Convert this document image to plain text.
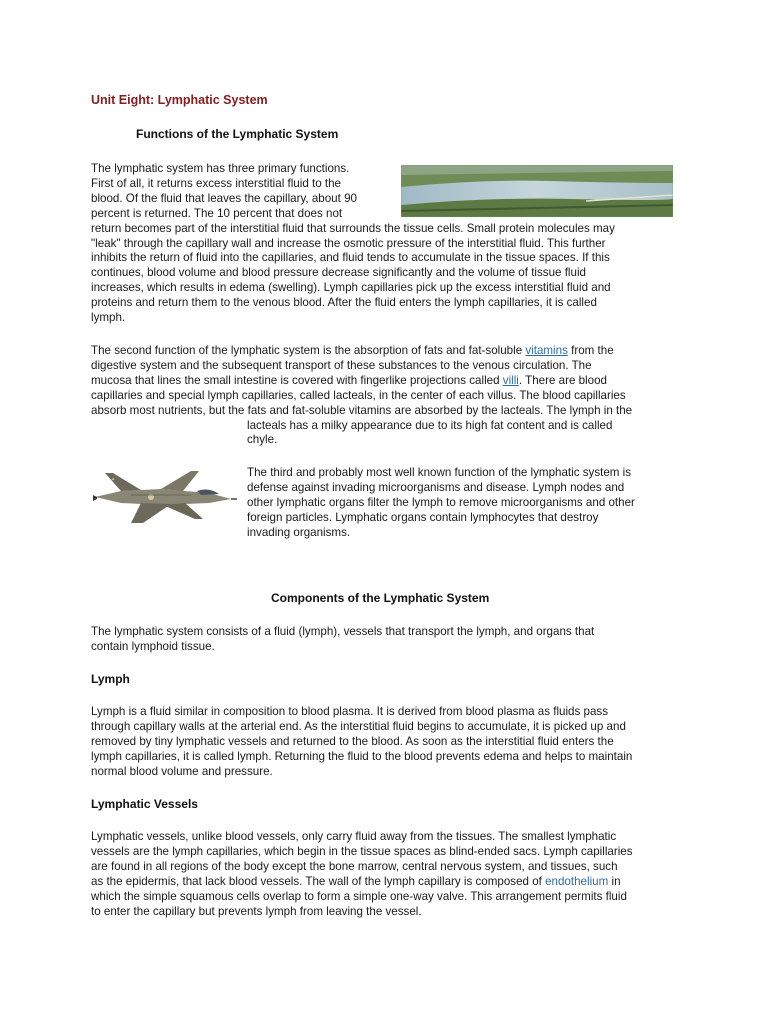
Unit Eight: Lymphatic System
Functions of the Lymphatic System
The lymphatic system has three primary functions.
First of all, it returns excess interstitial fluid to the
blood. Of the fluid that leaves the capillary, about 90
percent is returned. The 10 percent that does not
return becomes part of the interstitial fluid that surrounds the tissue cells. Small protein molecules may
"leak" through the capillary wall and increase the osmotic pressure of the interstitial fluid. This further
inhibits the return of fluid into the capillaries, and fluid tends to accumulate in the tissue spaces. If this
continues, blood volume and blood pressure decrease significantly and the volume of tissue fluid
increases, which results in edema (swelling). Lymph capillaries pick up the excess interstitial fluid and
proteins and return them to the venous blood. After the fluid enters the lymph capillaries, it is called
lymph.
The second function of the lymphatic system is the absorption of fats and fat-soluble vitamins from the
digestive system and the subsequent transport of these substances to the venous circulation. The
mucosa that lines the small intestine is covered with fingerlike projections called villi. There are blood
capillaries and special lymph capillaries, called lacteals, in the center of each villus. The blood capillaries
absorb most nutrients, but the fats and fat-soluble vitamins are absorbed by the lacteals. The lymph in the
lacteals has a milky appearance due to its high fat content and is called
chyle.
✦
The third and probably most well known function of the lymphatic system is
defense against invading microorganisms and disease. Lymph nodes and
other lymphatic organs filter the lymph to remove microorganisms and other
foreign particles. Lymphatic organs contain lymphocytes that destroy
invading organisms.
Components of the Lymphatic System
The lymphatic system consists of a fluid (lymph), vessels that transport the lymph, and organs that
contain lymphoid tissue.
Lymph
Lymph is a fluid similar in composition to blood plasma. It is derived from blood plasma as fluids pass
through capillary walls at the arterial end. As the interstitial fluid begins to accumulate, it is picked up and
removed by tiny lymphatic vessels and returned to the blood. As soon as the interstitial fluid enters the
lymph capillaries, it is called lymph. Returning the fluid to the blood prevents edema and helps to maintain
normal blood volume and pressure.
Lymphatic Vessels
Lymphatic vessels, unlike blood vessels, only carry fluid away from the tissues. The smallest lymphatic
vessels are the lymph capillaries, which begin in the tissue spaces as blind-ended sacs. Lymph capillaries
are found in all regions of the body except the bone marrow, central nervous system, and tissues, such
as the epidermis, that lack blood vessels. The wall of the lymph capillary is composed of endothelium in
which the simple squamous cells overlap to form a simple one-way valve. This arrangement permits fluid
to enter the capillary but prevents lymph from leaving the vessel.
